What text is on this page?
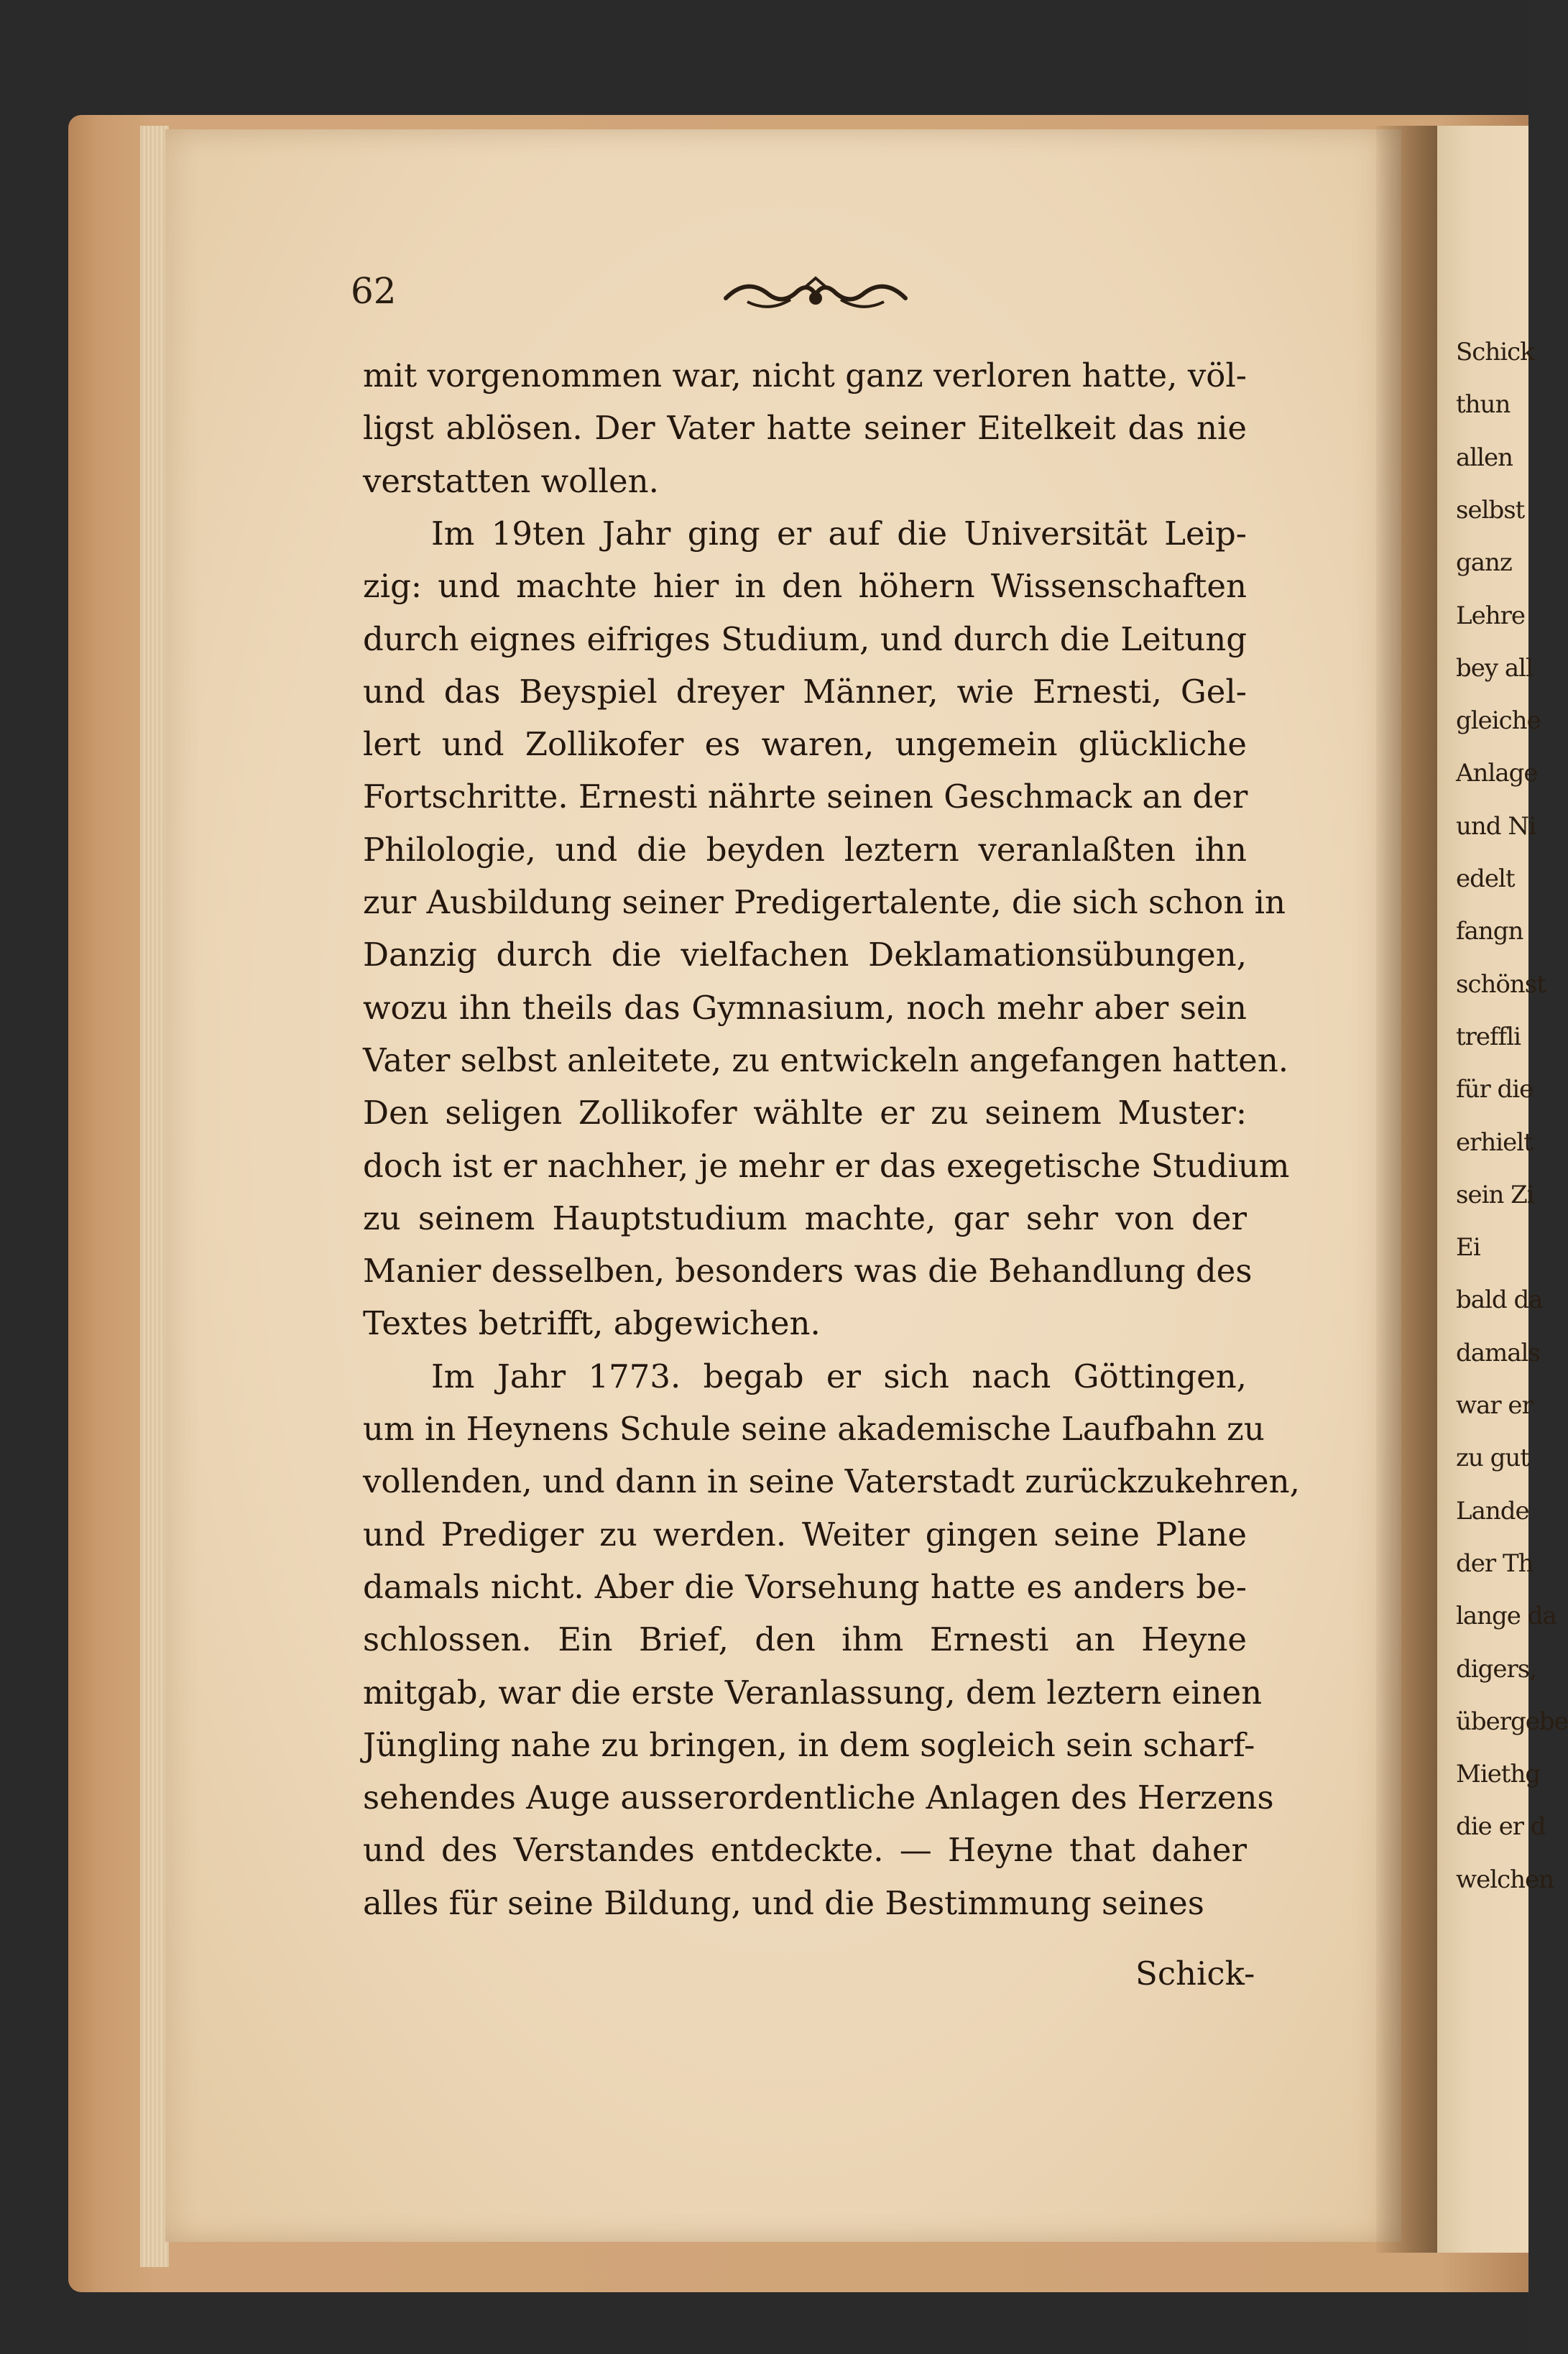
Schick
thun
allen
selbst
ganz
Lehre
bey all
gleiche
Anlage
und Ni
edelt
fangn
schönst
treffli
für die
erhielt
sein Zi
Ei
bald da
damals
war er
zu gut
Lande
der Th
lange da
digers,
übergebe
Miethg
die er d
welchen
62
mit vorgenommen war, nicht ganz verloren hatte, völ-
ligst ablösen. Der Vater hatte seiner Eitelkeit das nie
verstatten wollen.
Im 19ten Jahr ging er auf die Universität Leip-
zig: und machte hier in den höhern Wissenschaften
durch eignes eifriges Studium, und durch die Leitung
und das Beyspiel dreyer Männer, wie Ernesti, Gel-
lert und Zollikofer es waren, ungemein glückliche
Fortschritte. Ernesti nährte seinen Geschmack an der
Philologie, und die beyden leztern veranlaßten ihn
zur Ausbildung seiner Predigertalente, die sich schon in
Danzig durch die vielfachen Deklamationsübungen,
wozu ihn theils das Gymnasium, noch mehr aber sein
Vater selbst anleitete, zu entwickeln angefangen hatten.
Den seligen Zollikofer wählte er zu seinem Muster:
doch ist er nachher, je mehr er das exegetische Studium
zu seinem Hauptstudium machte, gar sehr von der
Manier desselben, besonders was die Behandlung des
Textes betrifft, abgewichen.
Im Jahr 1773. begab er sich nach Göttingen,
um in Heynens Schule seine akademische Laufbahn zu
vollenden, und dann in seine Vaterstadt zurückzukehren,
und Prediger zu werden. Weiter gingen seine Plane
damals nicht. Aber die Vorsehung hatte es anders be-
schlossen. Ein Brief, den ihm Ernesti an Heyne
mitgab, war die erste Veranlassung, dem leztern einen
Jüngling nahe zu bringen, in dem sogleich sein scharf-
sehendes Auge ausserordentliche Anlagen des Herzens
und des Verstandes entdeckte. — Heyne that daher
alles für seine Bildung, und die Bestimmung seines
Schick-
